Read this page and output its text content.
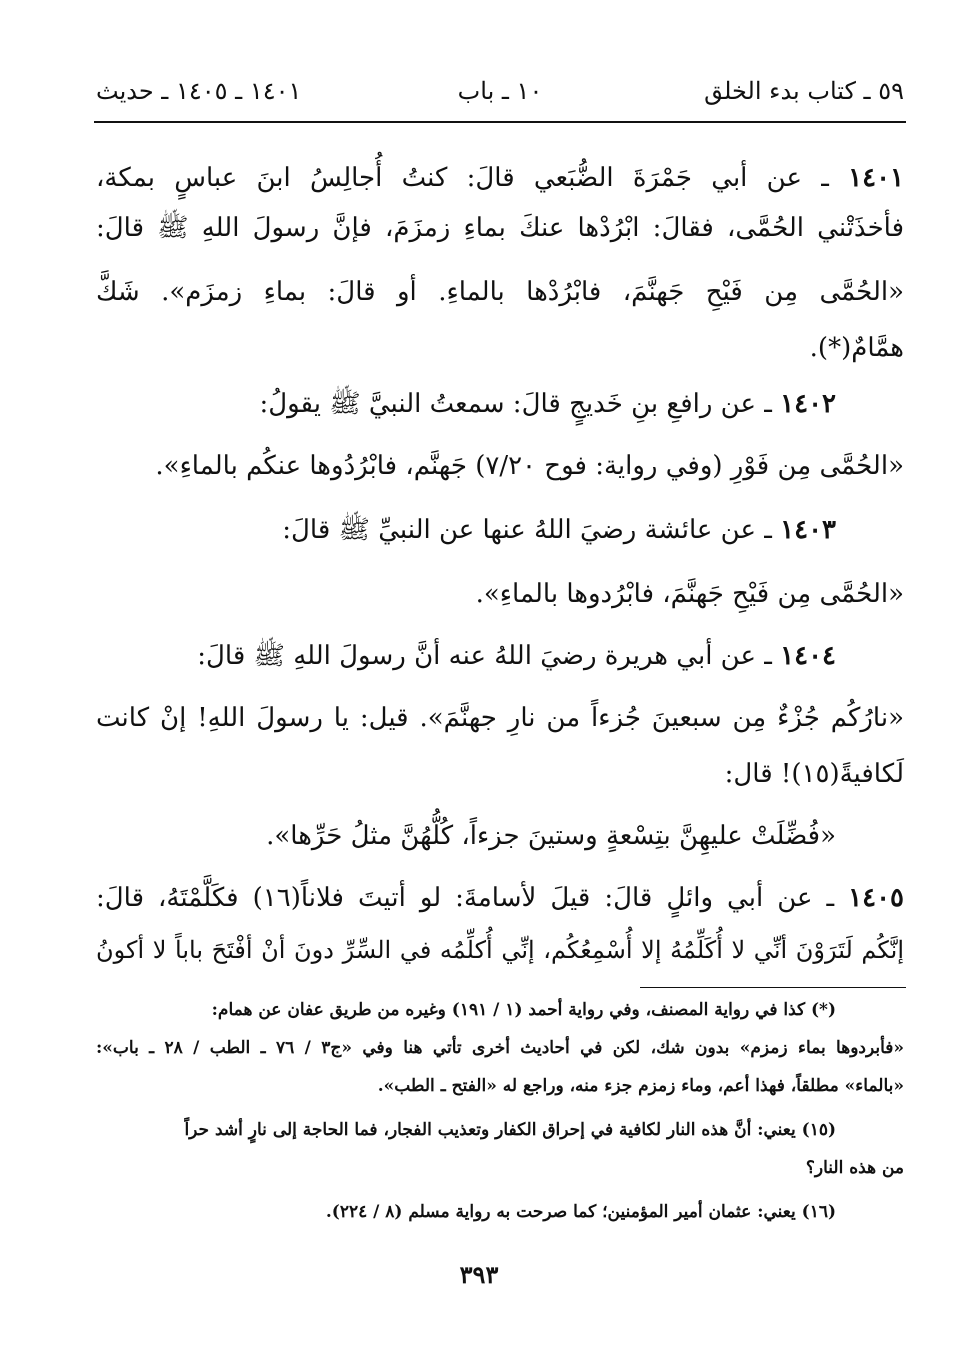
٥٩ ـ كتاب بدء الخلق
١٠ ـ باب
١٤٠١ ـ ١٤٠٥ ـ حديث
١٤٠١ ـ عن أبي جَمْرَةَ الضُّبَعي قالَ: كنتُ أُجالِسُ ابنَ عباسٍ بمكة،
فأخذَتْني الحُمَّى، فقالَ: ابْرُدْها عنكَ بماءِ زمزَمَ، فإنَّ رسولَ اللهِ ﷺ قالَ:
«الحُمَّى مِن فَيْحِ جَهنَّمَ، فابْرُدْها بالماءِ. أو قالَ: بماءِ زمزَم». شَكَّ
همَّامٌ(*).
١٤٠٢ ـ عن رافعِ بنِ خَديجٍ قالَ: سمعتُ النبيَّ ﷺ يقولُ:
«الحُمَّى مِن فَوْرِ (وفي رواية: فوح ٧/٢٠) جَهنَّم، فابْرُدُوها عنكُم بالماءِ».
١٤٠٣ ـ عن عائشة رضيَ اللهُ عنها عن النبيِّ ﷺ قالَ:
«الحُمَّى مِن فَيْحِ جَهنَّمَ، فابْرُدوها بالماءِ».
١٤٠٤ ـ عن أبي هريرة رضيَ اللهُ عنه أنَّ رسولَ اللهِ ﷺ قالَ:
«نارُكُم جُزْءٌ مِن سبعينَ جُزءاً من نارِ جهنَّمَ». قيل: يا رسولَ اللهِ! إنْ كانت
لَكافيةً(١٥)! قال:
«فُضِّلَتْ عليهِنَّ بتِسْعةٍ وستينَ جزءاً، كُلُّهُنَّ مثلُ حَرِّها».
١٤٠٥ ـ عن أبي وائلٍ قالَ: قيلَ لأسامةَ: لو أتيتَ فلاناً(١٦) فكَلَّمْتَهُ، قالَ:
إنَّكُم لَتَرَوْنَ أنِّي لا أُكَلِّمُهُ إلا أُسْمِعُكُم، إنِّي أُكلِّمُه في السِّرِّ دونَ أنْ أفْتَحَ باباً لا أكونُ
(*) كذا في رواية المصنف، وفي رواية أحمد (١ / ١٩١) وغيره من طريق عفان عن همام:
«فأبردوها بماء زمزم» بدون شك، لكن في أحاديث أخرى تأتي هنا وفي «ج٣ / ٧٦ ـ الطب / ٢٨ ـ باب»:
«بالماء» مطلقاً، فهذا أعم، وماء زمزم جزء منه، وراجع له «الفتح ـ الطب».
(١٥) يعني: أنَّ هذه النار لكافية في إحراق الكفار وتعذيب الفجار، فما الحاجة إلى نارٍ أشد حراً
من هذه النار؟
(١٦) يعني: عثمان أمير المؤمنين؛ كما صرحت به رواية مسلم (٨ / ٢٢٤).
٣٩٣
